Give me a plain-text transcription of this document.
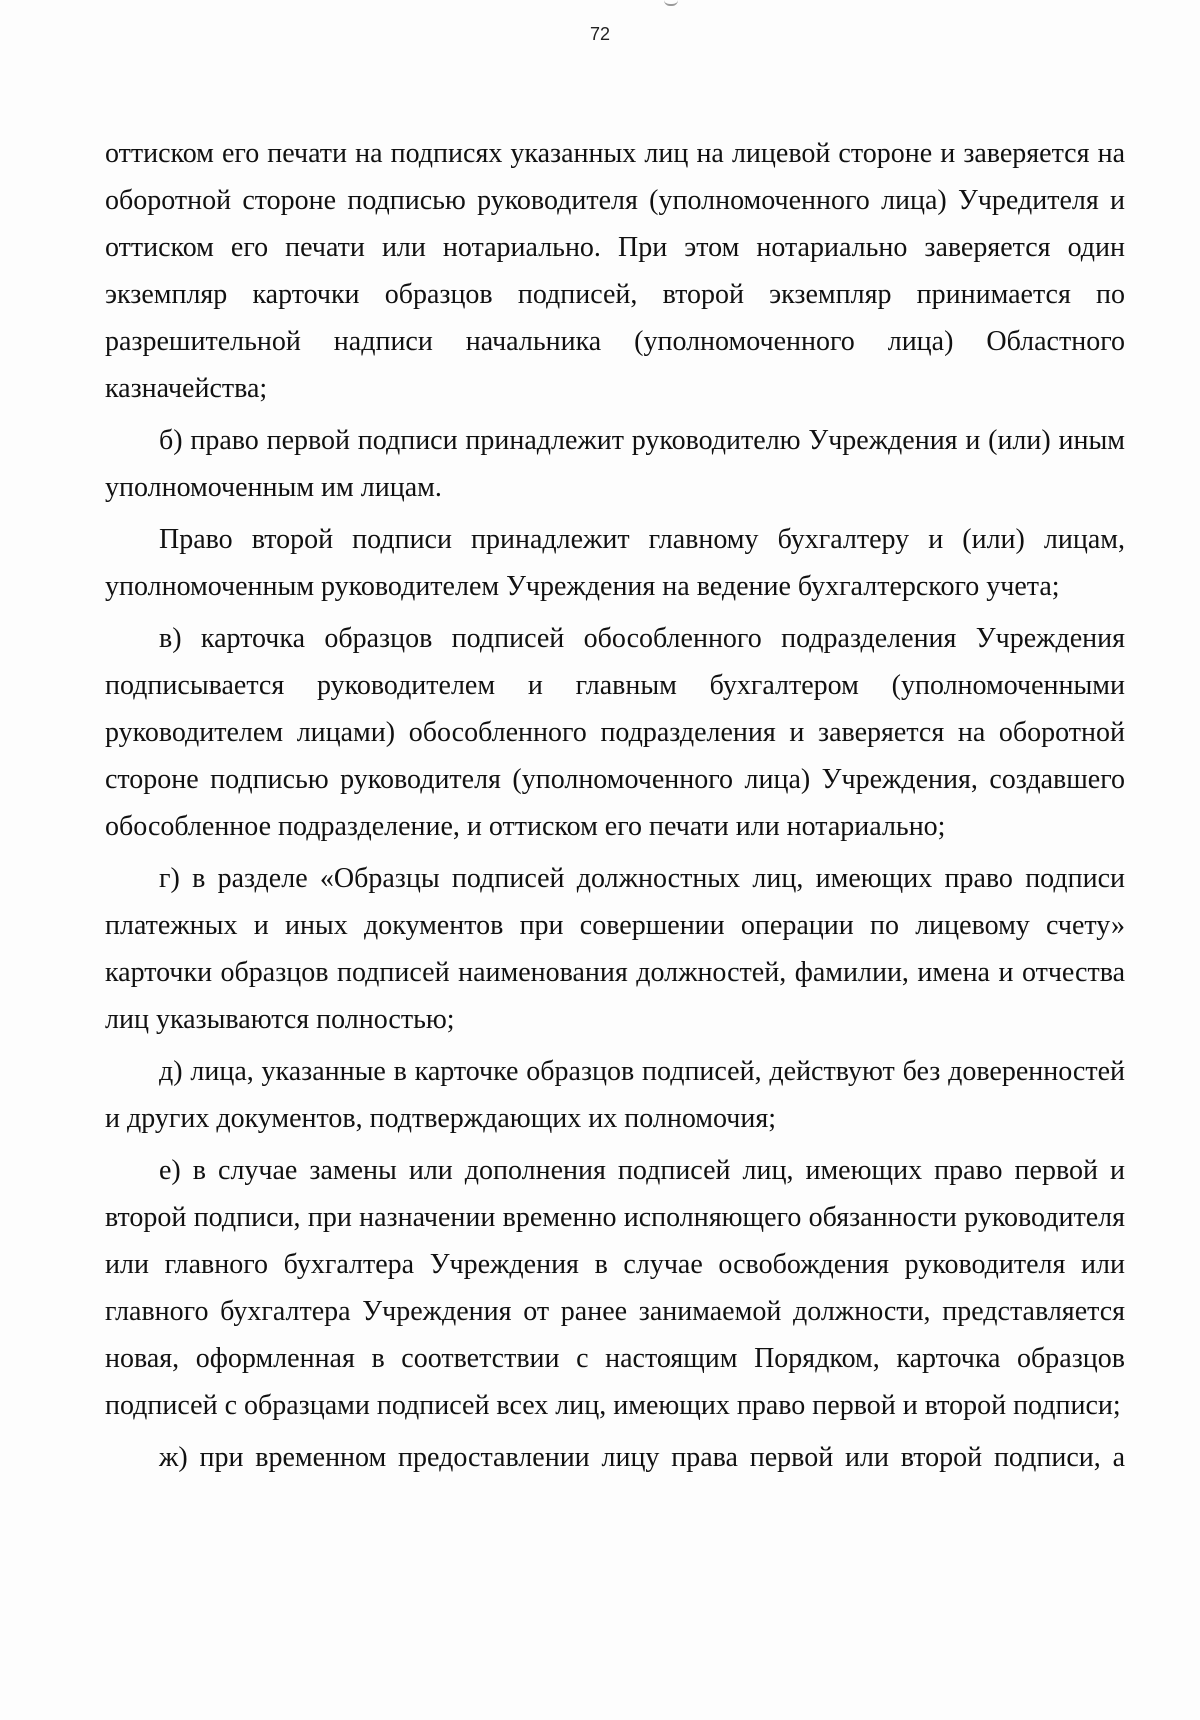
72

оттиском его печати на подписях указанных лиц на лицевой стороне и заверяется на оборотной стороне подписью руководителя (уполномоченного лица) Учредителя и оттиском его печати или нотариально. При этом нотариально заверяется один экземпляр карточки образцов подписей, второй экземпляр принимается по разрешительной надписи начальника (уполномоченного лица) Областного казначейства;

б) право первой подписи принадлежит руководителю Учреждения и (или) иным уполномоченным им лицам.

Право второй подписи принадлежит главному бухгалтеру и (или) лицам, уполномоченным руководителем Учреждения на ведение бухгалтерского учета;

в) карточка образцов подписей обособленного подразделения Учреждения подписывается руководителем и главным бухгалтером (уполномоченными руководителем лицами) обособленного подразделения и заверяется на оборотной стороне подписью руководителя (уполномоченного лица) Учреждения, создавшего обособленное подразделение, и оттиском его печати или нотариально;

г) в разделе «Образцы подписей должностных лиц, имеющих право подписи платежных и иных документов при совершении операции по лицевому счету» карточки образцов подписей наименования должностей, фамилии, имена и отчества лиц указываются полностью;

д) лица, указанные в карточке образцов подписей, действуют без доверенностей и других документов, подтверждающих их полномочия;

е) в случае замены или дополнения подписей лиц, имеющих право первой и второй подписи, при назначении временно исполняющего обязанности руководителя или главного бухгалтера Учреждения в случае освобождения руководителя или главного бухгалтера Учреждения от ранее занимаемой должности, представляется новая, оформленная в соответствии с настоящим Порядком, карточка образцов подписей с образцами подписей всех лиц, имеющих право первой и второй подписи;

ж) при временном предоставлении лицу права первой или второй подписи, а
